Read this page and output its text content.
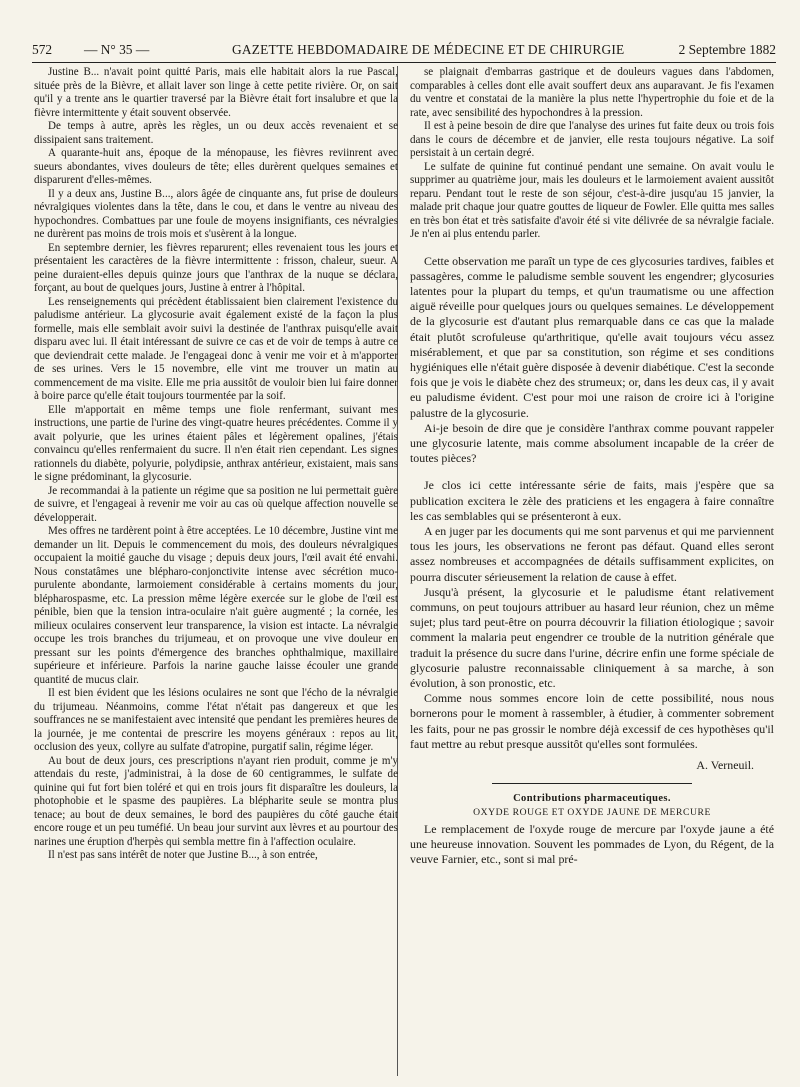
572 — N° 35 —	GAZETTE HEBDOMADAIRE DE MÉDECINE ET DE CHIRURGIE	2 Septembre 1882

Justine B... n'avait point quitté Paris, mais elle habitait alors la rue Pascal, située près de la Bièvre, et allait laver son linge à cette petite rivière. Or, on sait qu'il y a trente ans le quartier traversé par la Bièvre était fort insalubre et que la fièvre intermittente y était souvent observée.

De temps à autre, après les règles, un ou deux accès revenaient et se dissipaient sans traitement.

A quarante-huit ans, époque de la ménopause, les fièvres reviinrent avec sueurs abondantes, vives douleurs de tête; elles durèrent quelques semaines et disparurent d'elles-mêmes.

Il y a deux ans, Justine B..., alors âgée de cinquante ans, fut prise de douleurs névralgiques violentes dans la tête, dans le cou, et dans le ventre au niveau des hypochondres. Combattues par une foule de moyens insignifiants, ces névralgies ne durèrent pas moins de trois mois et s'usèrent à la longue.

En septembre dernier, les fièvres reparurent; elles revenaient tous les jours et présentaient les caractères de la fièvre intermittente : frisson, chaleur, sueur. A peine duraient-elles depuis quinze jours que l'anthrax de la nuque se déclara, forçant, au bout de quelques jours, Justine à entrer à l'hôpital.

Les renseignements qui précèdent établissaient bien clairement l'existence du paludisme antérieur. La glycosurie avait également existé de la façon la plus formelle, mais elle semblait avoir suivi la destinée de l'anthrax puisqu'elle avait disparu avec lui. Il était intéressant de suivre ce cas et de voir de temps à autre ce que deviendrait cette malade. Je l'engageai donc à venir me voir et à m'apporter de ses urines. Vers le 15 novembre, elle vint me trouver un matin au commencement de ma visite. Elle me pria aussitôt de vouloir bien lui faire donner à boire parce qu'elle était toujours tourmentée par la soif.

Elle m'apportait en même temps une fiole renfermant, suivant mes instructions, une partie de l'urine des vingt-quatre heures précédentes. Comme il y avait polyurie, que les urines étaient pâles et légèrement opalines, j'étais convaincu qu'elles renfermaient du sucre. Il n'en était rien cependant. Les signes rationnels du diabète, polyurie, polydipsie, anthrax antérieur, existaient, mais sans le signe prédominant, la glycosurie.

Je recommandai à la patiente un régime que sa position ne lui permettait guère de suivre, et l'engageai à revenir me voir au cas où quelque affection nouvelle se développerait.

Mes offres ne tardèrent point à être acceptées. Le 10 décembre, Justine vint me demander un lit. Depuis le commencement du mois, des douleurs névralgiques occupaient la moitié gauche du visage ; depuis deux jours, l'œil avait été envahi. Nous constatâmes une blépharo-conjonctivite intense avec sécrétion muco-purulente abondante, larmoiement considérable à certains moments du jour, blépharospasme, etc. La pression même légère exercée sur le globe de l'œil est pénible, bien que la tension intra-oculaire n'ait guère augmenté ; la cornée, les milieux oculaires conservent leur transparence, la vision est intacte. La névralgie occupe les trois branches du trijumeau, et on provoque une vive douleur en pressant sur les points d'émergence des branches ophthalmique, maxillaire supérieure et inférieure. Parfois la narine gauche laisse écouler une grande quantité de mucus clair.

Il est bien évident que les lésions oculaires ne sont que l'écho de la névralgie du trijumeau. Néanmoins, comme l'état n'était pas dangereux et que les souffrances ne se manifestaient avec intensité que pendant les premières heures de la journée, je me contentai de prescrire les moyens généraux : repos au lit, occlusion des yeux, collyre au sulfate d'atropine, purgatif salin, régime léger.

Au bout de deux jours, ces prescriptions n'ayant rien produit, comme je m'y attendais du reste, j'administrai, à la dose de 60 centigrammes, le sulfate de quinine qui fut fort bien toléré et qui en trois jours fit disparaître les douleurs, la photophobie et le spasme des paupières. La blépharite seule se montra plus tenace; au bout de deux semaines, le bord des paupières du côté gauche était encore rouge et un peu tuméfié. Un beau jour survint aux lèvres et au pourtour des narines une éruption d'herpès qui sembla mettre fin à l'affection oculaire.

Il n'est pas sans intérêt de noter que Justine B..., à son entrée,

se plaignait d'embarras gastrique et de douleurs vagues dans l'abdomen, comparables à celles dont elle avait souffert deux ans auparavant. Je fis l'examen du ventre et constatai de la manière la plus nette l'hypertrophie du foie et de la rate, avec sensibilité des hypochondres à la pression.

Il est à peine besoin de dire que l'analyse des urines fut faite deux ou trois fois dans le cours de décembre et de janvier, elle resta toujours négative. La soif persistait à un certain degré.

Le sulfate de quinine fut continué pendant une semaine. On avait voulu le supprimer au quatrième jour, mais les douleurs et le larmoiement avaient aussitôt reparu. Pendant tout le reste de son séjour, c'est-à-dire jusqu'au 15 janvier, la malade prit chaque jour quatre gouttes de liqueur de Fowler. Elle quitta mes salles en très bon état et très satisfaite d'avoir été si vite délivrée de sa névralgie faciale. Je n'en ai plus entendu parler.

Cette observation me paraît un type de ces glycosuries tardives, faibles et passagères, comme le paludisme semble souvent les engendrer; glycosuries latentes pour la plupart du temps, et qu'un traumatisme ou une affection aiguë réveille pour quelques jours ou quelques semaines. Le développement de la glycosurie est d'autant plus remarquable dans ce cas que la malade était plutôt scrofuleuse qu'arthritique, qu'elle avait toujours vécu assez misérablement, et que par sa constitution, son régime et ses conditions hygiéniques elle n'était guère disposée à devenir diabétique. C'est la seconde fois que je vois le diabète chez des strumeux; or, dans les deux cas, il y avait eu paludisme évident. C'est pour moi une raison de croire ici à l'origine palustre de la glycosurie.

Ai-je besoin de dire que je considère l'anthrax comme pouvant rappeler une glycosurie latente, mais comme absolument incapable de la créer de toutes pièces?

Je clos ici cette intéressante série de faits, mais j'espère que sa publication excitera le zèle des praticiens et les engagera à faire connaître les cas semblables qui se présenteront à eux.

A en juger par les documents qui me sont parvenus et qui me parviennent tous les jours, les observations ne feront pas défaut. Quand elles seront assez nombreuses et accompagnées de détails suffisamment explicites, on pourra discuter sérieusement la relation de cause à effet.

Jusqu'à présent, la glycosurie et le paludisme étant relativement communs, on peut toujours attribuer au hasard leur réunion, chez un même sujet; plus tard peut-être on pourra découvrir la filiation étiologique ; savoir comment la malaria peut engendrer ce trouble de la nutrition générale que traduit la présence du sucre dans l'urine, décrire enfin une forme spéciale de glycosurie palustre reconnaissable cliniquement à sa marche, à son évolution, à son pronostic, etc.

Comme nous sommes encore loin de cette possibilité, nous nous bornerons pour le moment à rassembler, à étudier, à commenter sobrement les faits, pour ne pas grossir le nombre déjà excessif de ces hypothèses qu'il faut mettre au rebut presque aussitôt qu'elles sont formulées.

A. Verneuil.
Contributions pharmaceutiques.
OXYDE ROUGE ET OXYDE JAUNE DE MERCURE

Le remplacement de l'oxyde rouge de mercure par l'oxyde jaune a été une heureuse innovation. Souvent les pommades de Lyon, du Régent, de la veuve Farnier, etc., sont si mal pré-
